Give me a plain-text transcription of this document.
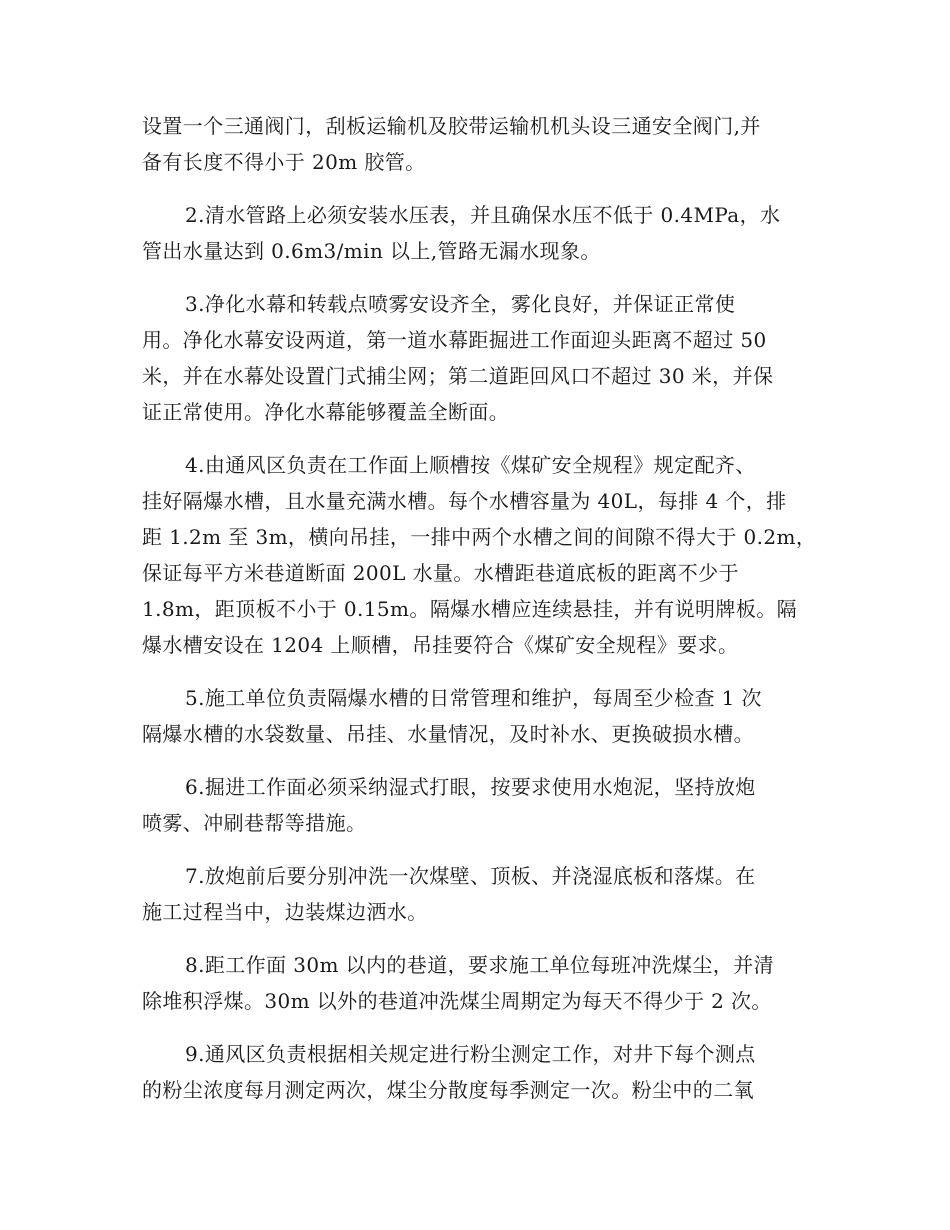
设置一个三通阀门，刮板运输机及胶带运输机机头设三通安全阀门,并
备有长度不得小于 20m 胶管。
2.清水管路上必须安装水压表，并且确保水压不低于 0.4MPa，水
管出水量达到 0.6m3/min 以上,管路无漏水现象。
3.净化水幕和转载点喷雾安设齐全，雾化良好，并保证正常使
用。净化水幕安设两道，第一道水幕距掘进工作面迎头距离不超过 50
米，并在水幕处设置门式捕尘网；第二道距回风口不超过 30 米，并保
证正常使用。净化水幕能够覆盖全断面。
4.由通风区负责在工作面上顺槽按《煤矿安全规程》规定配齐、
挂好隔爆水槽，且水量充满水槽。每个水槽容量为 40L，每排 4 个，排
距 1.2m 至 3m，横向吊挂，一排中两个水槽之间的间隙不得大于 0.2m，
保证每平方米巷道断面 200L 水量。水槽距巷道底板的距离不少于
1.8m，距顶板不小于 0.15m。隔爆水槽应连续悬挂，并有说明牌板。隔
爆水槽安设在 1204 上顺槽，吊挂要符合《煤矿安全规程》要求。
5.施工单位负责隔爆水槽的日常管理和维护，每周至少检查 1 次
隔爆水槽的水袋数量、吊挂、水量情况，及时补水、更换破损水槽。
6.掘进工作面必须采纳湿式打眼，按要求使用水炮泥，坚持放炮
喷雾、冲刷巷帮等措施。
7.放炮前后要分别冲洗一次煤壁、顶板、并浇湿底板和落煤。在
施工过程当中，边装煤边洒水。
8.距工作面 30m 以内的巷道，要求施工单位每班冲洗煤尘，并清
除堆积浮煤。30m 以外的巷道冲洗煤尘周期定为每天不得少于 2 次。
9.通风区负责根据相关规定进行粉尘测定工作，对井下每个测点
的粉尘浓度每月测定两次，煤尘分散度每季测定一次。粉尘中的二氧
